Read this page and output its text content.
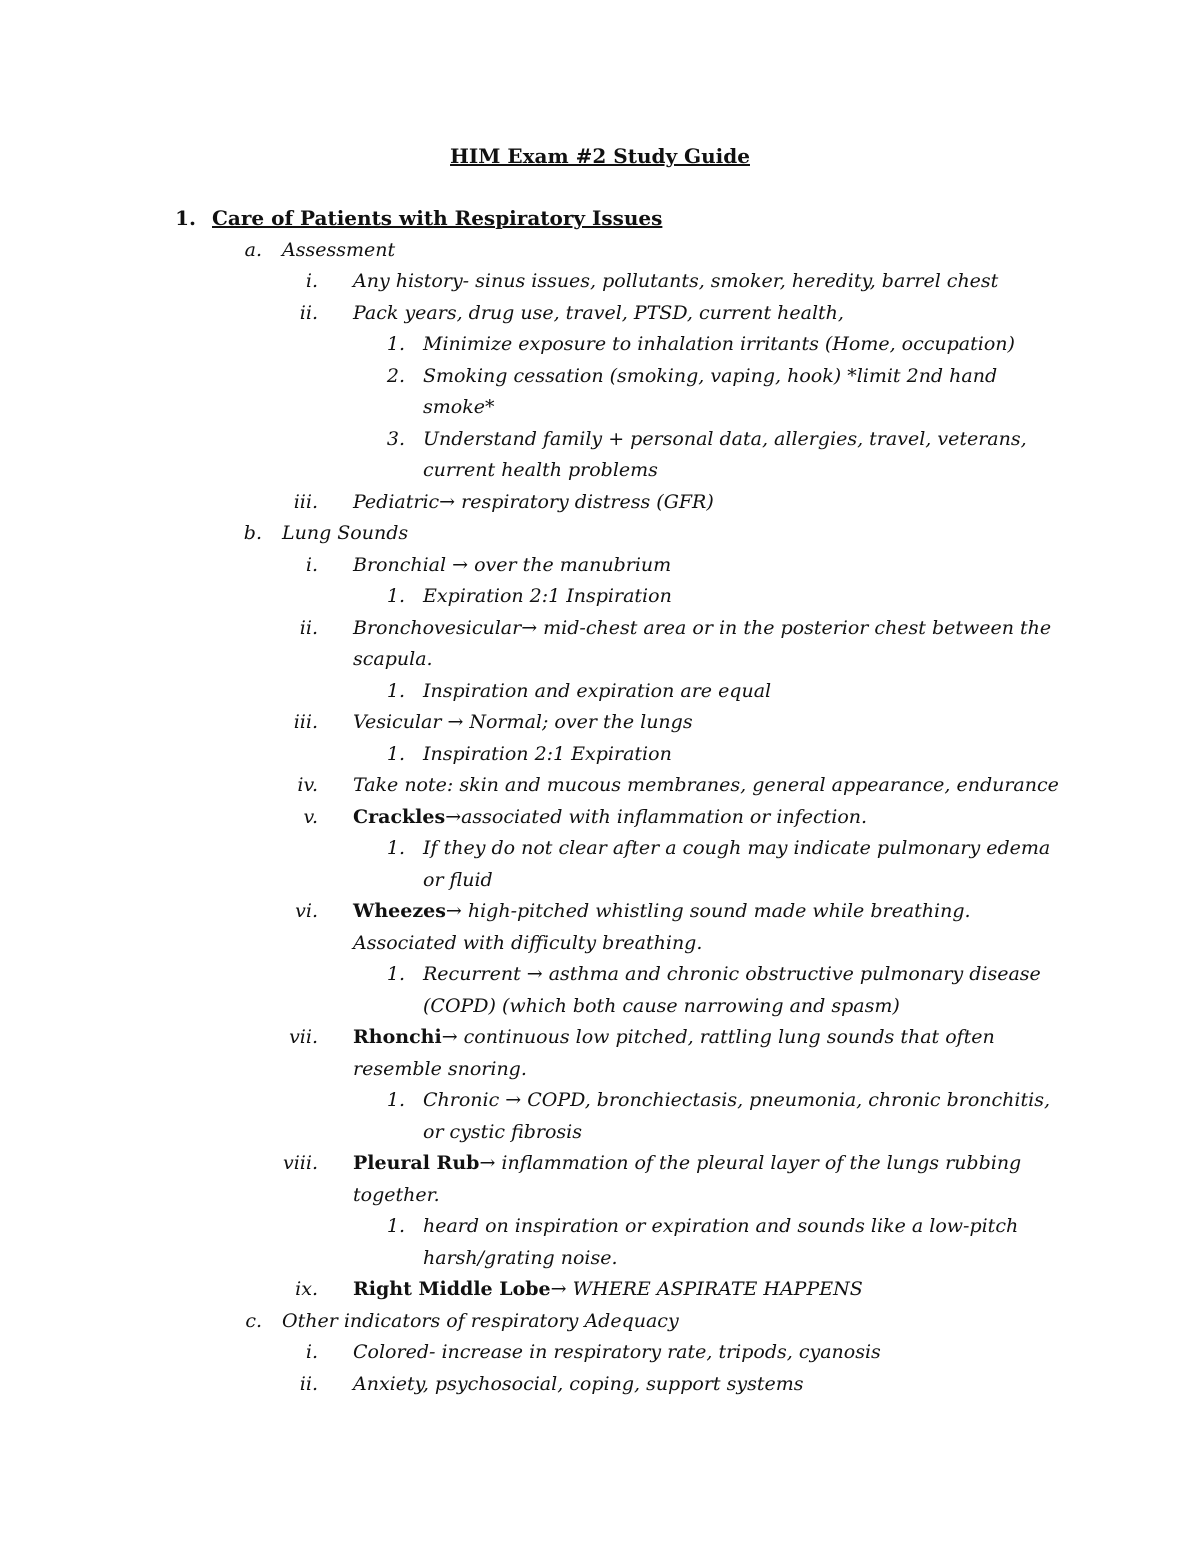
HIM Exam #2 Study Guide
1. Care of Patients with Respiratory Issues
a. Assessment
i. Any history- sinus issues, pollutants, smoker, heredity, barrel chest
ii. Pack years, drug use, travel, PTSD, current health,
1. Minimize exposure to inhalation irritants (Home, occupation)
2. Smoking cessation (smoking, vaping, hook) *limit 2nd hand
smoke*
3. Understand family + personal data, allergies, travel, veterans,
current health problems
iii. Pediatric→ respiratory distress (GFR)
b. Lung Sounds
i. Bronchial → over the manubrium
1. Expiration 2:1 Inspiration
ii. Bronchovesicular→ mid-chest area or in the posterior chest between the
scapula.
1. Inspiration and expiration are equal
iii. Vesicular → Normal; over the lungs
1. Inspiration 2:1 Expiration
iv. Take note: skin and mucous membranes, general appearance, endurance
v. Crackles→associated with inflammation or infection.
1. If they do not clear after a cough may indicate pulmonary edema
or fluid
vi. Wheezes→ high-pitched whistling sound made while breathing.
Associated with difficulty breathing.
1. Recurrent → asthma and chronic obstructive pulmonary disease
(COPD) (which both cause narrowing and spasm)
vii. Rhonchi→ continuous low pitched, rattling lung sounds that often
resemble snoring.
1. Chronic → COPD, bronchiectasis, pneumonia, chronic bronchitis,
or cystic fibrosis
viii. Pleural Rub→ inflammation of the pleural layer of the lungs rubbing
together.
1. heard on inspiration or expiration and sounds like a low-pitch
harsh/grating noise.
ix. Right Middle Lobe→ WHERE ASPIRATE HAPPENS
c. Other indicators of respiratory Adequacy
i. Colored- increase in respiratory rate, tripods, cyanosis
ii. Anxiety, psychosocial, coping, support systems
